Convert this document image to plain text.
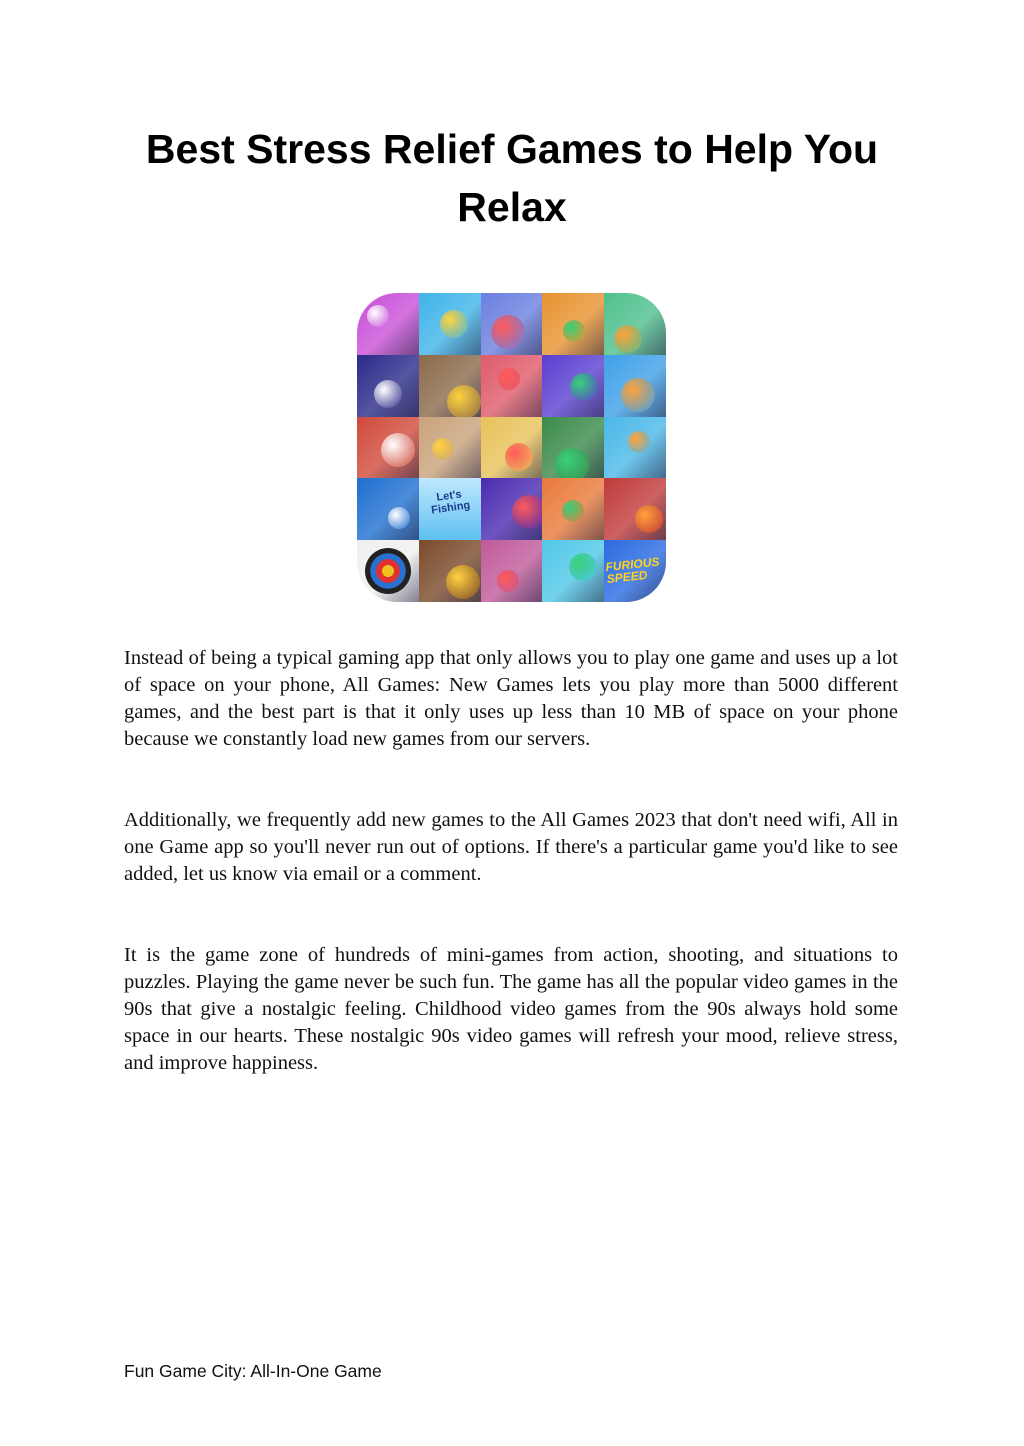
Best Stress Relief Games to Help You Relax
Let's Fishing
FURIOUS SPEED

Instead of being a typical gaming app that only allows you to play one game and uses up a lot of space on your phone, All Games: New Games lets you play more than 5000 different games, and the best part is that it only uses up less than 10 MB of space on your phone because we constantly load new games from our servers.

Additionally, we frequently add new games to the All Games 2023 that don't need wifi, All in one Game app so you'll never run out of options. If there's a particular game you'd like to see added, let us know via email or a comment.

It is the game zone of hundreds of mini-games from action, shooting, and situations to puzzles. Playing the game never be such fun. The game has all the popular video games in the 90s that give a nostalgic feeling. Childhood video games from the 90s always hold some space in our hearts. These nostalgic 90s video games will refresh your mood, relieve stress, and improve happiness.

Fun Game City: All-In-One Game
